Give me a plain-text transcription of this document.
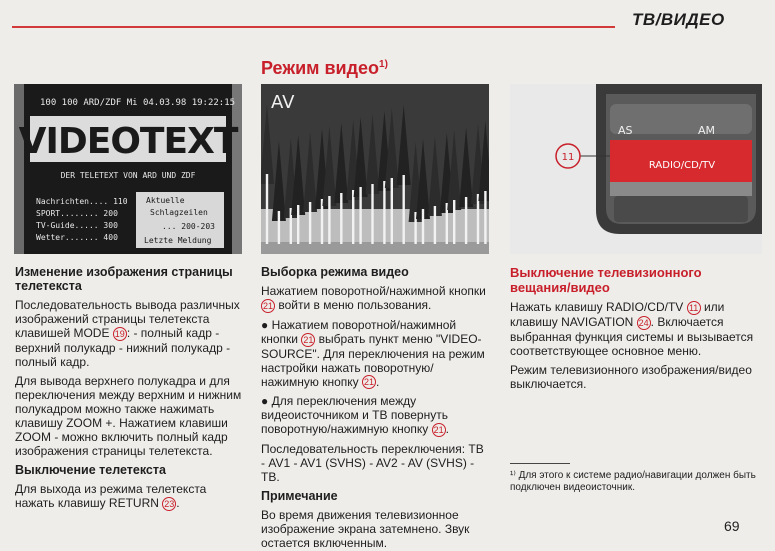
ТВ/ВИДЕО
Режим видео$^{1)}$
100 100 ARD/ZDF Mi 04.03.98 19:22:15
VIDEOTEXT
DER TELETEXT VON ARD UND ZDF
Nachrichten.... 110
SPORT........ 200
TV-Guide..... 300
Wetter....... 400
Aktuelle
Schlagzeilen
... 200-203
Letzte Meldung
AV
AS	AM
RADIO/CD/TV
11
Изменение изображения страницы телетекста

Последовательность вывода различных изображений страницы телетекста клавишей MODE 19 : - полный кадр - верхний полукадр - нижний полукадр - полный кадр.

Для вывода верхнего полукадра и для переключения между верхним и нижним полукадром можно также нажимать клавишу ZOOM +. Нажатием клавиши ZOOM - можно включить полный кадр изображения страницы телетекста.

Выключение телетекста

Для выхода из режима телетекста нажать клавишу RETURN 23 .

Выборка режима видео

Нажатием поворотной/нажимной кнопки 21 войти в меню пользования.

● Нажатием поворотной/нажимной кнопки 21 выбрать пункт меню "VIDEO-SOURCE". Для переключения на режим настройки нажать поворотную/нажимную кнопку 21 .

● Для переключения между видеоисточником и ТВ повернуть поворотную/нажимную кнопку 21 .

Последовательность переключения: ТВ - AV1 - AV1 (SVHS) - AV2 - AV (SVHS) - ТВ.

Примечание

Во время движения телевизионное изображение экрана затемнено. Звук остается включенным.

Выключение телевизионного вещания/видео

Нажать клавишу RADIO/CD/TV 11 или клавишу NAVIGATION 24 . Включается выбранная функция системы и вызывается соответствующее основное меню.

Режим телевизионного изображения/видео выключается.

¹⁾ Для этого к системе радио/навигации должен быть подключен видеоисточник.
69
